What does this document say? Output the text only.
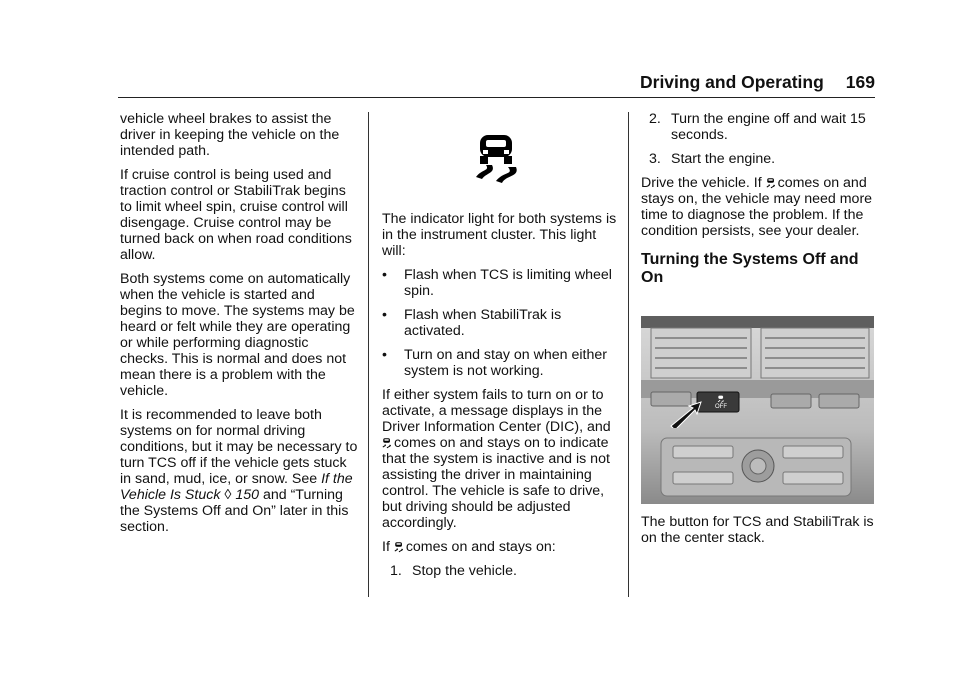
Driving and Operating 169

vehicle wheel brakes to assist the driver in keeping the vehicle on the intended path.

If cruise control is being used and traction control or StabiliTrak begins to limit wheel spin, cruise control will disengage. Cruise control may be turned back on when road conditions allow.

Both systems come on automatically when the vehicle is started and begins to move. The systems may be heard or felt while they are operating or while performing diagnostic checks. This is normal and does not mean there is a problem with the vehicle.

It is recommended to leave both systems on for normal driving conditions, but it may be necessary to turn TCS off if the vehicle gets stuck in sand, mud, ice, or snow. See If the Vehicle Is Stuck ◊ 150 and “Turning the Systems Off and On” later in this section.

The indicator light for both systems is in the instrument cluster. This light will:

• Flash when TCS is limiting wheel spin.
• Flash when StabiliTrak is activated.
• Turn on and stay on when either system is not working.

If either system fails to turn on or to activate, a message displays in the Driver Information Center (DIC), and comes on and stays on to indicate that the system is inactive and is not assisting the driver in maintaining control. The vehicle is safe to drive, but driving should be adjusted accordingly.

If comes on and stays on:

1. Stop the vehicle.
2. Turn the engine off and wait 15 seconds.
3. Start the engine.

Drive the vehicle. If comes on and stays on, the vehicle may need more time to diagnose the problem. If the condition persists, see your dealer.

Turning the Systems Off and On
OFF

The button for TCS and StabiliTrak is on the center stack.
